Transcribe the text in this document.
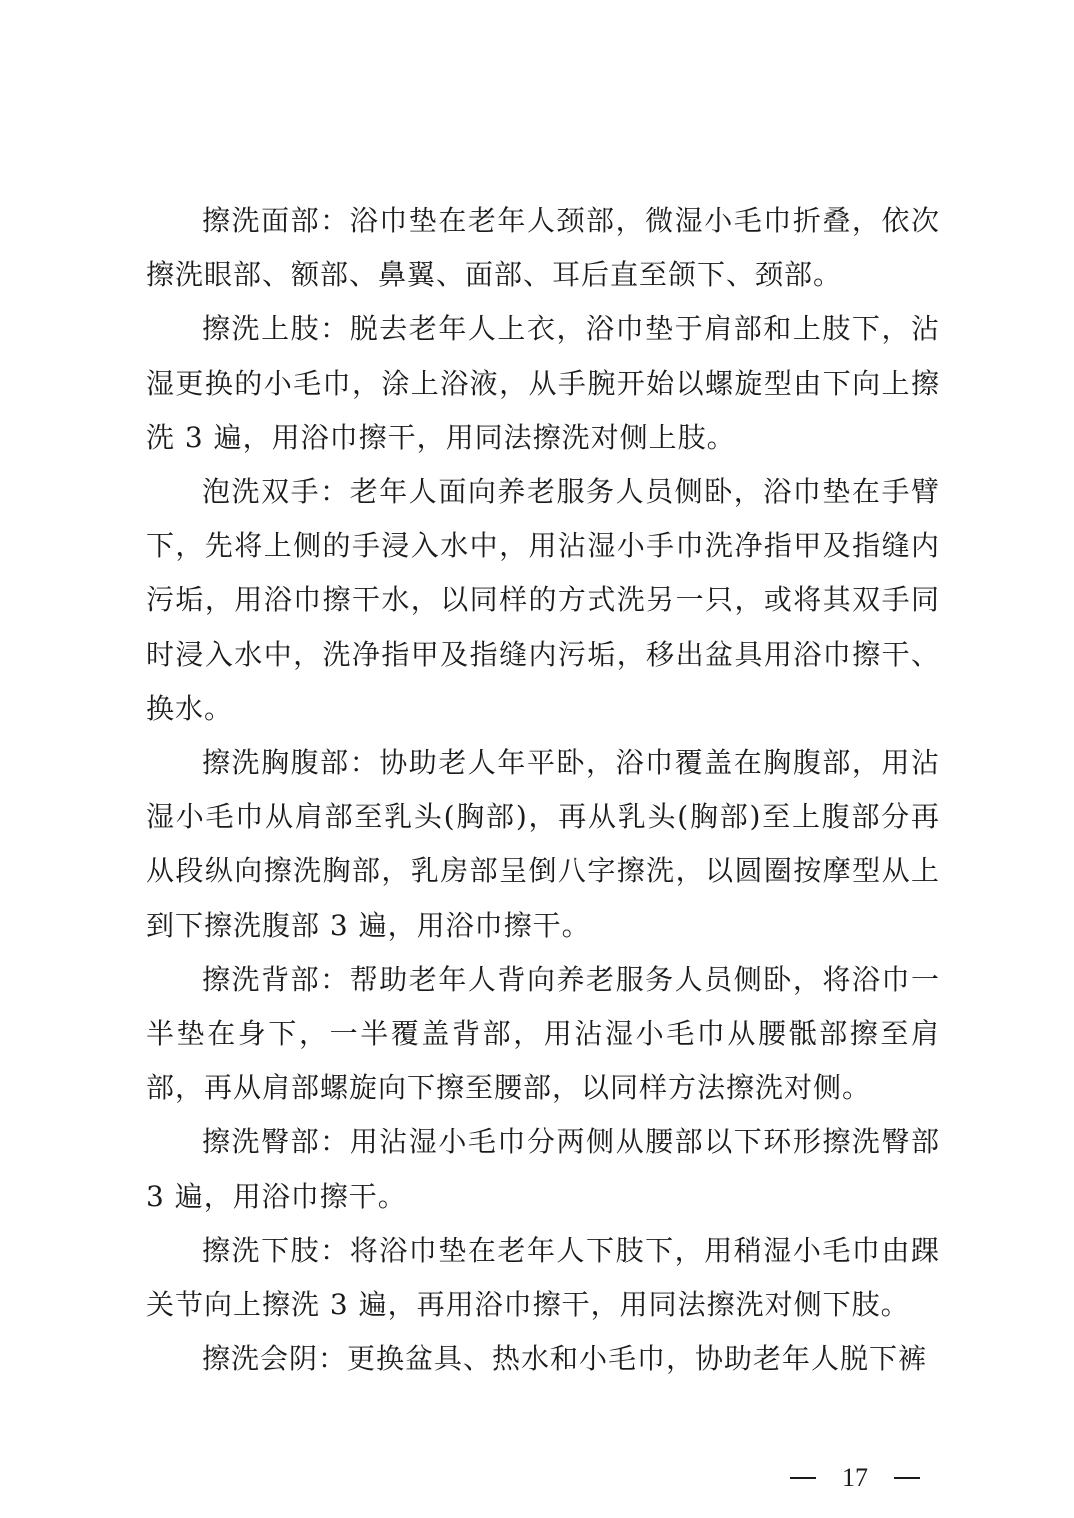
擦洗面部：浴巾垫在老年人颈部，微湿小毛巾折叠，依次擦洗眼部、额部、鼻翼、面部、耳后直至颌下、颈部。

擦洗上肢：脱去老年人上衣，浴巾垫于肩部和上肢下，沾湿更换的小毛巾，涂上浴液，从手腕开始以螺旋型由下向上擦洗 3 遍，用浴巾擦干，用同法擦洗对侧上肢。

泡洗双手：老年人面向养老服务人员侧卧，浴巾垫在手臂下，先将上侧的手浸入水中，用沾湿小手巾洗净指甲及指缝内污垢，用浴巾擦干水，以同样的方式洗另一只，或将其双手同时浸入水中，洗净指甲及指缝内污垢，移出盆具用浴巾擦干、换水。

擦洗胸腹部：协助老人年平卧，浴巾覆盖在胸腹部，用沾湿小毛巾从肩部至乳头(胸部)，再从乳头(胸部)至上腹部分再从段纵向擦洗胸部，乳房部呈倒八字擦洗，以圆圈按摩型从上到下擦洗腹部 3 遍，用浴巾擦干。

擦洗背部：帮助老年人背向养老服务人员侧卧，将浴巾一半垫在身下，一半覆盖背部，用沾湿小毛巾从腰骶部擦至肩部，再从肩部螺旋向下擦至腰部，以同样方法擦洗对侧。

擦洗臀部：用沾湿小毛巾分两侧从腰部以下环形擦洗臀部3 遍，用浴巾擦干。

擦洗下肢：将浴巾垫在老年人下肢下，用稍湿小毛巾由踝关节向上擦洗 3 遍，再用浴巾擦干，用同法擦洗对侧下肢。

擦洗会阴：更换盆具、热水和小毛巾，协助老年人脱下裤

17
